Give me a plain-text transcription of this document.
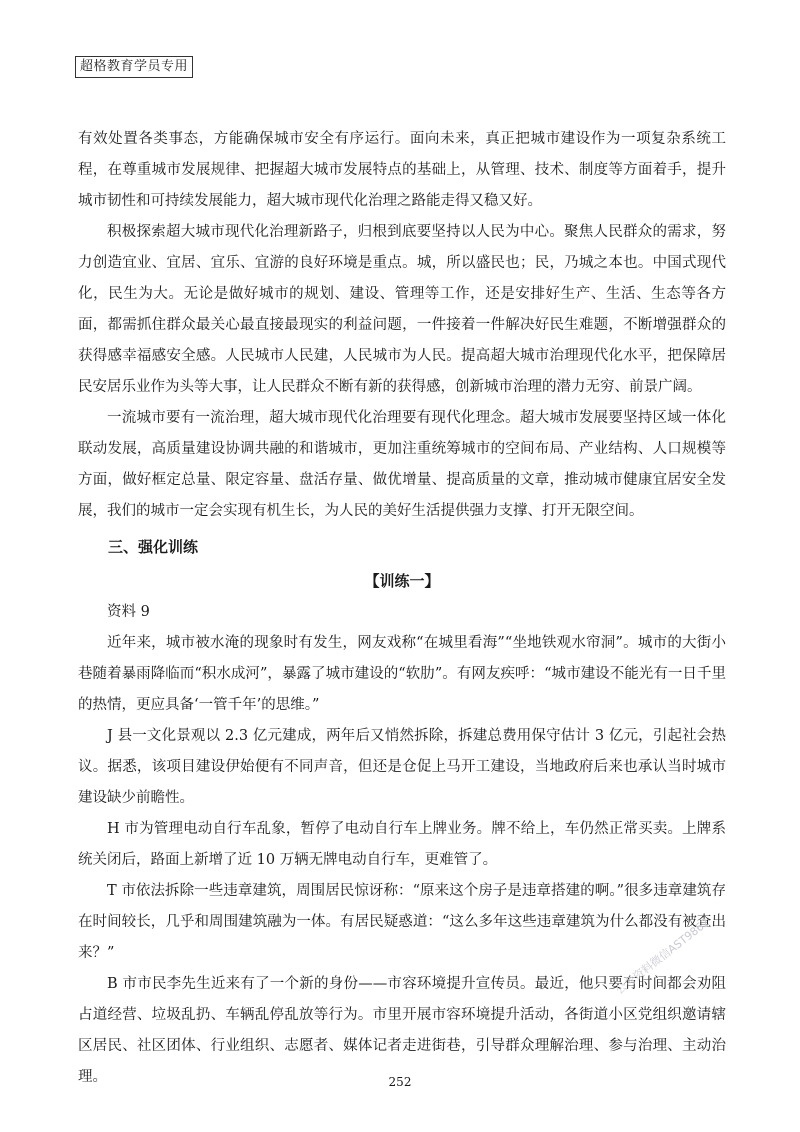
超格教育学员专用

有效处置各类事态，方能确保城市安全有序运行。面向未来，真正把城市建设作为一项复杂系统工程，在尊重城市发展规律、把握超大城市发展特点的基础上，从管理、技术、制度等方面着手，提升城市韧性和可持续发展能力，超大城市现代化治理之路能走得又稳又好。

积极探索超大城市现代化治理新路子，归根到底要坚持以人民为中心。聚焦人民群众的需求，努力创造宜业、宜居、宜乐、宜游的良好环境是重点。城，所以盛民也；民，乃城之本也。中国式现代化，民生为大。无论是做好城市的规划、建设、管理等工作，还是安排好生产、生活、生态等各方面，都需抓住群众最关心最直接最现实的利益问题，一件接着一件解决好民生难题，不断增强群众的获得感幸福感安全感。人民城市人民建，人民城市为人民。提高超大城市治理现代化水平，把保障居民安居乐业作为头等大事，让人民群众不断有新的获得感，创新城市治理的潜力无穷、前景广阔。

一流城市要有一流治理，超大城市现代化治理要有现代化理念。超大城市发展要坚持区域一体化联动发展，高质量建设协调共融的和谐城市，更加注重统筹城市的空间布局、产业结构、人口规模等方面，做好框定总量、限定容量、盘活存量、做优增量、提高质量的文章，推动城市健康宜居安全发展，我们的城市一定会实现有机生长，为人民的美好生活提供强力支撑、打开无限空间。

三、强化训练
【训练一】
资料 9

近年来，城市被水淹的现象时有发生，网友戏称“在城里看海”“坐地铁观水帘洞”。城市的大街小巷随着暴雨降临而“积水成河”，暴露了城市建设的“软肋”。有网友疾呼：“城市建设不能光有一日千里的热情，更应具备‘一管千年’的思维。”

J 县一文化景观以 2.3 亿元建成，两年后又悄然拆除，拆建总费用保守估计 3 亿元，引起社会热议。据悉，该项目建设伊始便有不同声音，但还是仓促上马开工建设，当地政府后来也承认当时城市建设缺少前瞻性。

H 市为管理电动自行车乱象，暂停了电动自行车上牌业务。牌不给上，车仍然正常买卖。上牌系统关闭后，路面上新增了近 10 万辆无牌电动自行车，更难管了。

T 市依法拆除一些违章建筑，周围居民惊讶称：“原来这个房子是违章搭建的啊。”很多违章建筑存在时间较长，几乎和周围建筑融为一体。有居民疑惑道：“这么多年这些违章建筑为什么都没有被查出来？”

B 市市民李先生近来有了一个新的身份——市容环境提升宣传员。最近，他只要有时间都会劝阻占道经营、垃圾乱扔、车辆乱停乱放等行为。市里开展市容环境提升活动，各街道小区党组织邀请辖区居民、社区团体、行业组织、志愿者、媒体记者走进街巷，引导群众理解治理、参与治理、主动治理。

公考资料微信AST9862
252
